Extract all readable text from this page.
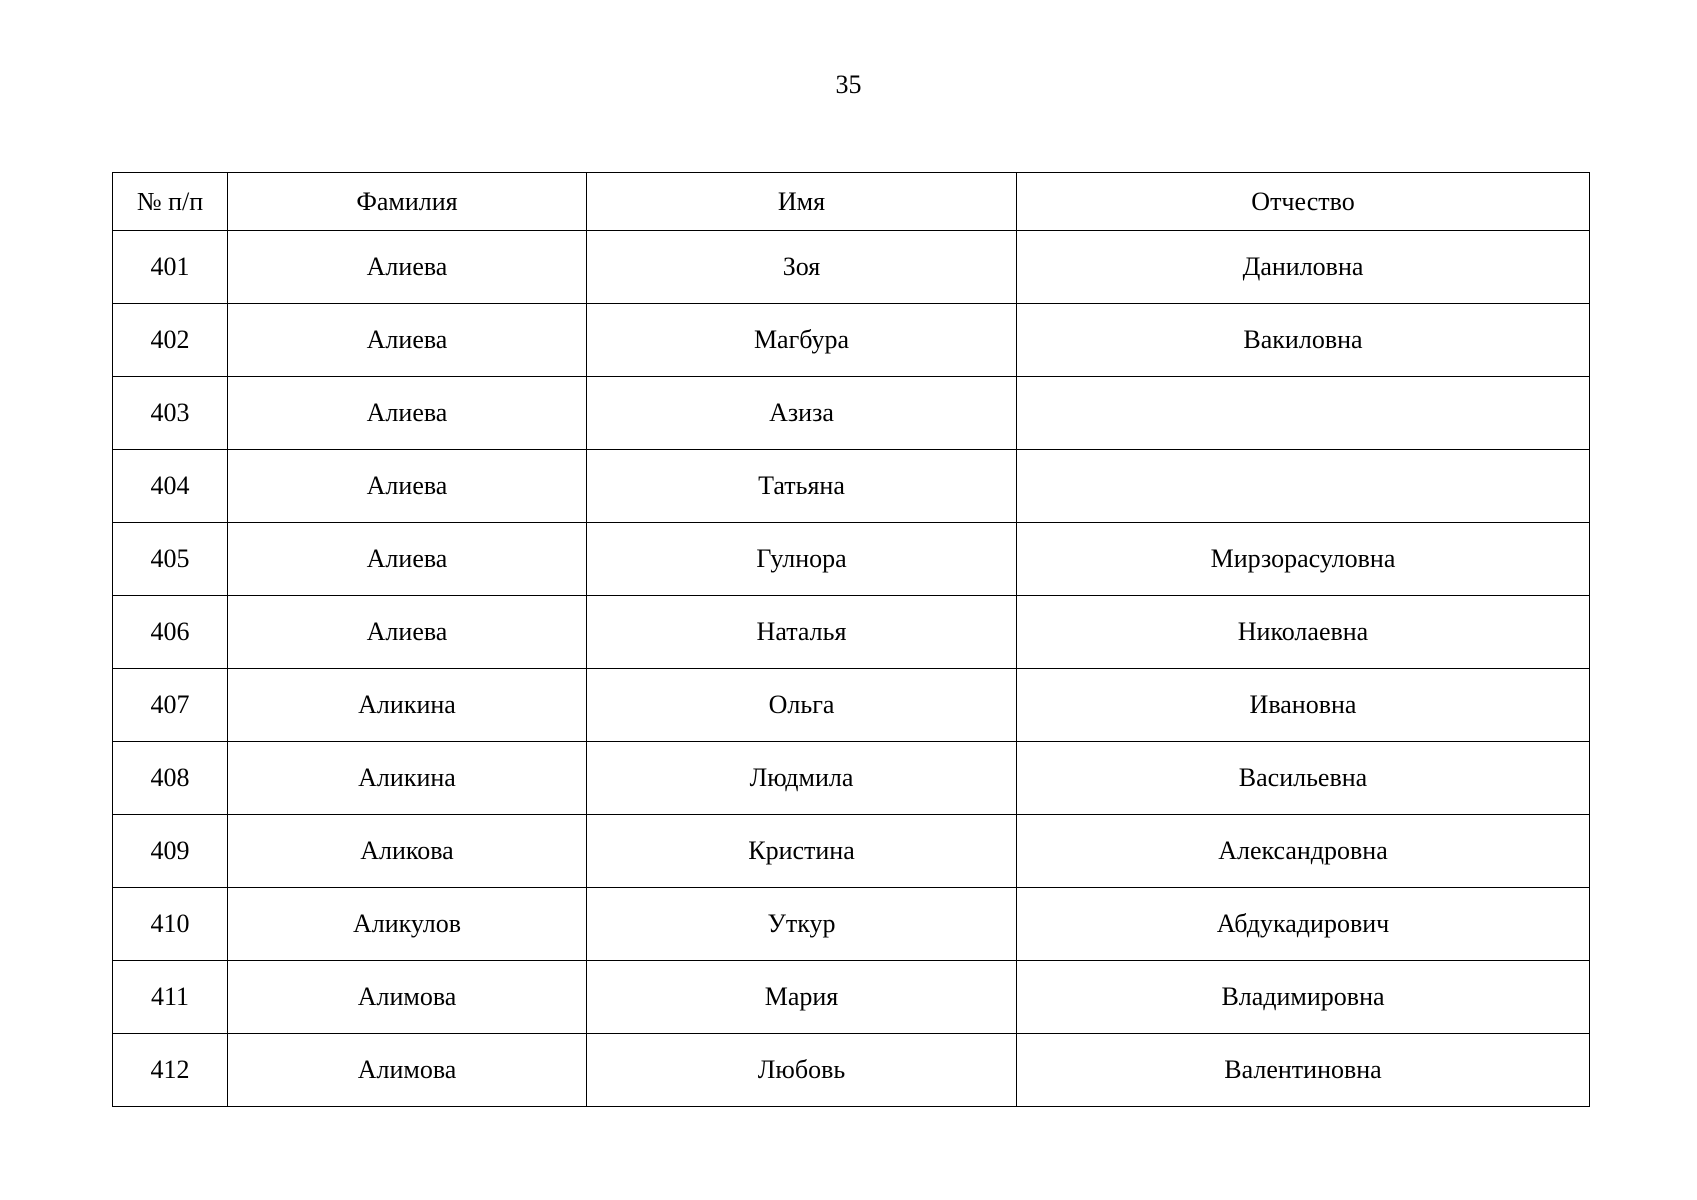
35
№ п/п	Фамилия	Имя	Отчество
401	Алиева	Зоя	Даниловна
402	Алиева	Магбура	Вакиловна
403	Алиева	Азиза	
404	Алиева	Татьяна	
405	Алиева	Гулнора	Мирзорасуловна
406	Алиева	Наталья	Николаевна
407	Аликина	Ольга	Ивановна
408	Аликина	Людмила	Васильевна
409	Аликова	Кристина	Александровна
410	Аликулов	Уткур	Абдукадирович
411	Алимова	Мария	Владимировна
412	Алимова	Любовь	Валентиновна
